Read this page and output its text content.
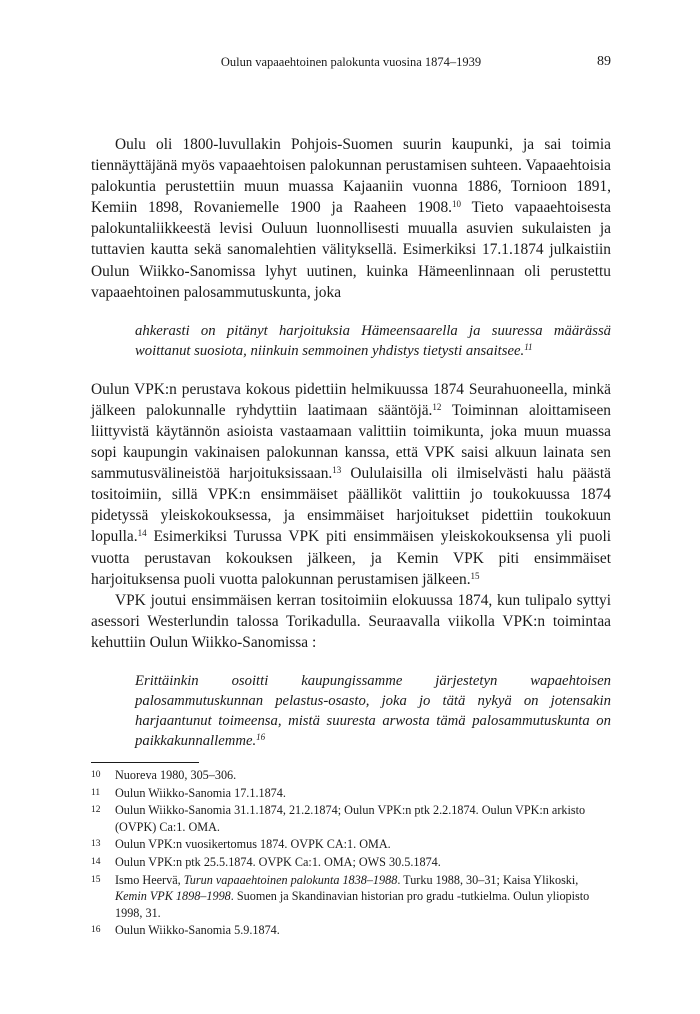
Oulun vapaaehtoinen palokunta vuosina 1874–1939	89

Oulu oli 1800-luvullakin Pohjois-Suomen suurin kaupunki, ja sai toimia tiennäyttäjänä myös vapaaehtoisen palokunnan perustamisen suhteen. Vapaaehtoisia palokuntia perustettiin muun muassa Kajaaniin vuonna 1886, Tornioon 1891, Kemiin 1898, Rovaniemelle 1900 ja Raaheen 1908.10 Tieto vapaaehtoisesta palokuntaliikkeestä levisi Ouluun luonnollisesti muualla asuvien sukulaisten ja tuttavien kautta sekä sanomalehtien välityksellä. Esimerkiksi 17.1.1874 julkaistiin Oulun Wiikko-Sanomissa lyhyt uutinen, kuinka Hämeenlinnaan oli perustettu vapaaehtoinen palosammutuskunta, joka

ahkerasti on pitänyt harjoituksia Hämeensaarella ja suuressa määrässä woittanut suosiota, niinkuin semmoinen yhdistys tietysti ansaitsee.$^{11}$

Oulun VPK:n perustava kokous pidettiin helmikuussa 1874 Seurahuoneella, minkä jälkeen palokunnalle ryhdyttiin laatimaan sääntöjä.$^{12}$ Toiminnan aloittamiseen liittyvistä käytännön asioista vastaamaan valittiin toimikunta, joka muun muassa sopi kaupungin vakinaisen palokunnan kanssa, että VPK saisi alkuun lainata sen sammutusvälineistöä harjoituksissaan.$^{13}$ Oululaisilla oli ilmiselvästi halu päästä tositoimiin, sillä VPK:n ensimmäiset päälliköt valittiin jo toukokuussa 1874 pidetyssä yleiskokouksessa, ja ensimmäiset harjoitukset pidettiin toukokuun lopulla.$^{14}$ Esimerkiksi Turussa VPK piti ensimmäisen yleiskokouksensa yli puoli vuotta perustavan kokouksen jälkeen, ja Kemin VPK piti ensimmäiset harjoituksensa puoli vuotta palokunnan perustamisen jälkeen.$^{15}$

VPK joutui ensimmäisen kerran tositoimiin elokuussa 1874, kun tulipalo syttyi asessori Westerlundin talossa Torikadulla. Seuraavalla viikolla VPK:n toimintaa kehuttiin Oulun Wiikko-Sanomissa :

Erittäinkin osoitti kaupungissamme järjestetyn wapaehtoisen palosammutuskunnan pelastus-osasto, joka jo tätä nykyä on jotensakin harjaantunut toimeensa, mistä suuresta arwosta tämä palosammutuskunta on paikkakunnallemme.$^{16}$
10	Nuoreva 1980, 305–306.
11	Oulun Wiikko-Sanomia 17.1.1874.
12	Oulun Wiikko-Sanomia 31.1.1874, 21.2.1874; Oulun VPK:n ptk 2.2.1874. Oulun VPK:n arkisto (OVPK) Ca:1. OMA.
13	Oulun VPK:n vuosikertomus 1874. OVPK CA:1. OMA.
14	Oulun VPK:n ptk 25.5.1874. OVPK Ca:1. OMA; OWS 30.5.1874.
15	Ismo Heervä, Turun vapaaehtoinen palokunta 1838–1988. Turku 1988, 30–31; Kaisa Ylikoski, Kemin VPK 1898–1998. Suomen ja Skandinavian historian pro gradu -tutkielma. Oulun yliopisto 1998, 31.
16	Oulun Wiikko-Sanomia 5.9.1874.
